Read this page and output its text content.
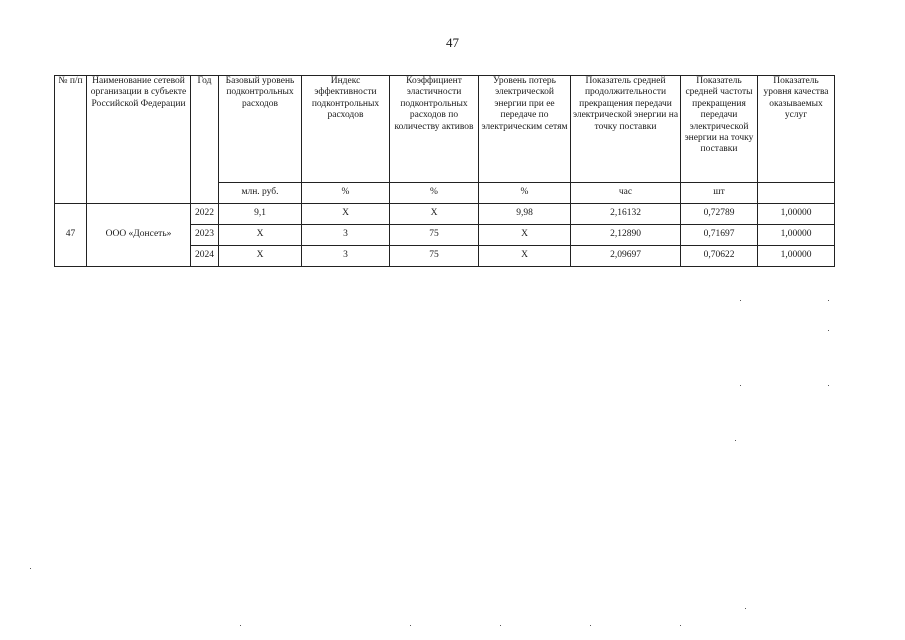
47
№ п/п	Наименование сетевой организации в субъекте Российской Федерации	Год	Базовый уровень подконтрольных расходов	Индекс эффективности подконтрольных расходов	Коэффициент эластичности подконтрольных расходов по количеству активов	Уровень потерь электрической энергии при ее передаче по электрическим сетям	Показатель средней продолжительности прекращения передачи электрической энергии на точку поставки	Показатель средней частоты прекращения передачи электрической энергии на точку поставки	Показатель уровня качества оказываемых услуг
			млн. руб.	%	%	%	час	шт	
47	ООО «Донсеть»	2022	9,1	X	X	9,98	2,16132	0,72789	1,00000
		2023	X	3	75	X	2,12890	0,71697	1,00000
		2024	X	3	75	X	2,09697	0,70622	1,00000
